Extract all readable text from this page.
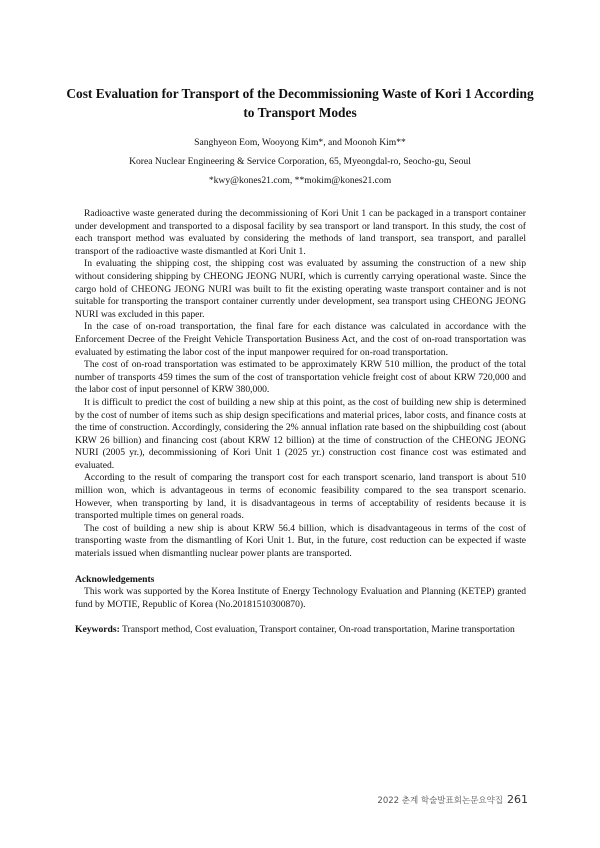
Cost Evaluation for Transport of the Decommissioning Waste of Kori 1 According
to Transport Modes
Sanghyeon Eom, Wooyong Kim*, and Moonoh Kim**
Korea Nuclear Engineering & Service Corporation, 65, Myeongdal-ro, Seocho-gu, Seoul
*kwy@kones21.com, **mokim@kones21.com

Radioactive waste generated during the decommissioning of Kori Unit 1 can be packaged in a transport container under development and transported to a disposal facility by sea transport or land transport. In this study, the cost of each transport method was evaluated by considering the methods of land transport, sea transport, and parallel transport of the radioactive waste dismantled at Kori Unit 1.

In evaluating the shipping cost, the shipping cost was evaluated by assuming the construction of a new ship without considering shipping by CHEONG JEONG NURI, which is currently carrying operational waste. Since the cargo hold of CHEONG JEONG NURI was built to fit the existing operating waste transport container and is not suitable for transporting the transport container currently under development, sea transport using CHEONG JEONG NURI was excluded in this paper.

In the case of on-road transportation, the final fare for each distance was calculated in accordance with the Enforcement Decree of the Freight Vehicle Transportation Business Act, and the cost of on-road transportation was evaluated by estimating the labor cost of the input manpower required for on-road transportation.

The cost of on-road transportation was estimated to be approximately KRW 510 million, the product of the total number of transports 459 times the sum of the cost of transportation vehicle freight cost of about KRW 720,000 and the labor cost of input personnel of KRW 380,000.

It is difficult to predict the cost of building a new ship at this point, as the cost of building new ship is determined by the cost of number of items such as ship design specifications and material prices, labor costs, and finance costs at the time of construction. Accordingly, considering the 2% annual inflation rate based on the shipbuilding cost (about KRW 26 billion) and financing cost (about KRW 12 billion) at the time of construction of the CHEONG JEONG NURI (2005 yr.), decommissioning of Kori Unit 1 (2025 yr.) construction cost finance cost was estimated and evaluated.

According to the result of comparing the transport cost for each transport scenario, land transport is about 510 million won, which is advantageous in terms of economic feasibility compared to the sea transport scenario. However, when transporting by land, it is disadvantageous in terms of acceptability of residents because it is transported multiple times on general roads.

The cost of building a new ship is about KRW 56.4 billion, which is disadvantageous in terms of the cost of transporting waste from the dismantling of Kori Unit 1. But, in the future, cost reduction can be expected if waste materials issued when dismantling nuclear power plants are transported.

Acknowledgements

This work was supported by the Korea Institute of Energy Technology Evaluation and Planning (KETEP) granted fund by MOTIE, Republic of Korea (No.20181510300870).

Keywords: Transport method, Cost evaluation, Transport container, On-road transportation, Marine transportation
2022 춘계 학술발표회논문요약집 261
